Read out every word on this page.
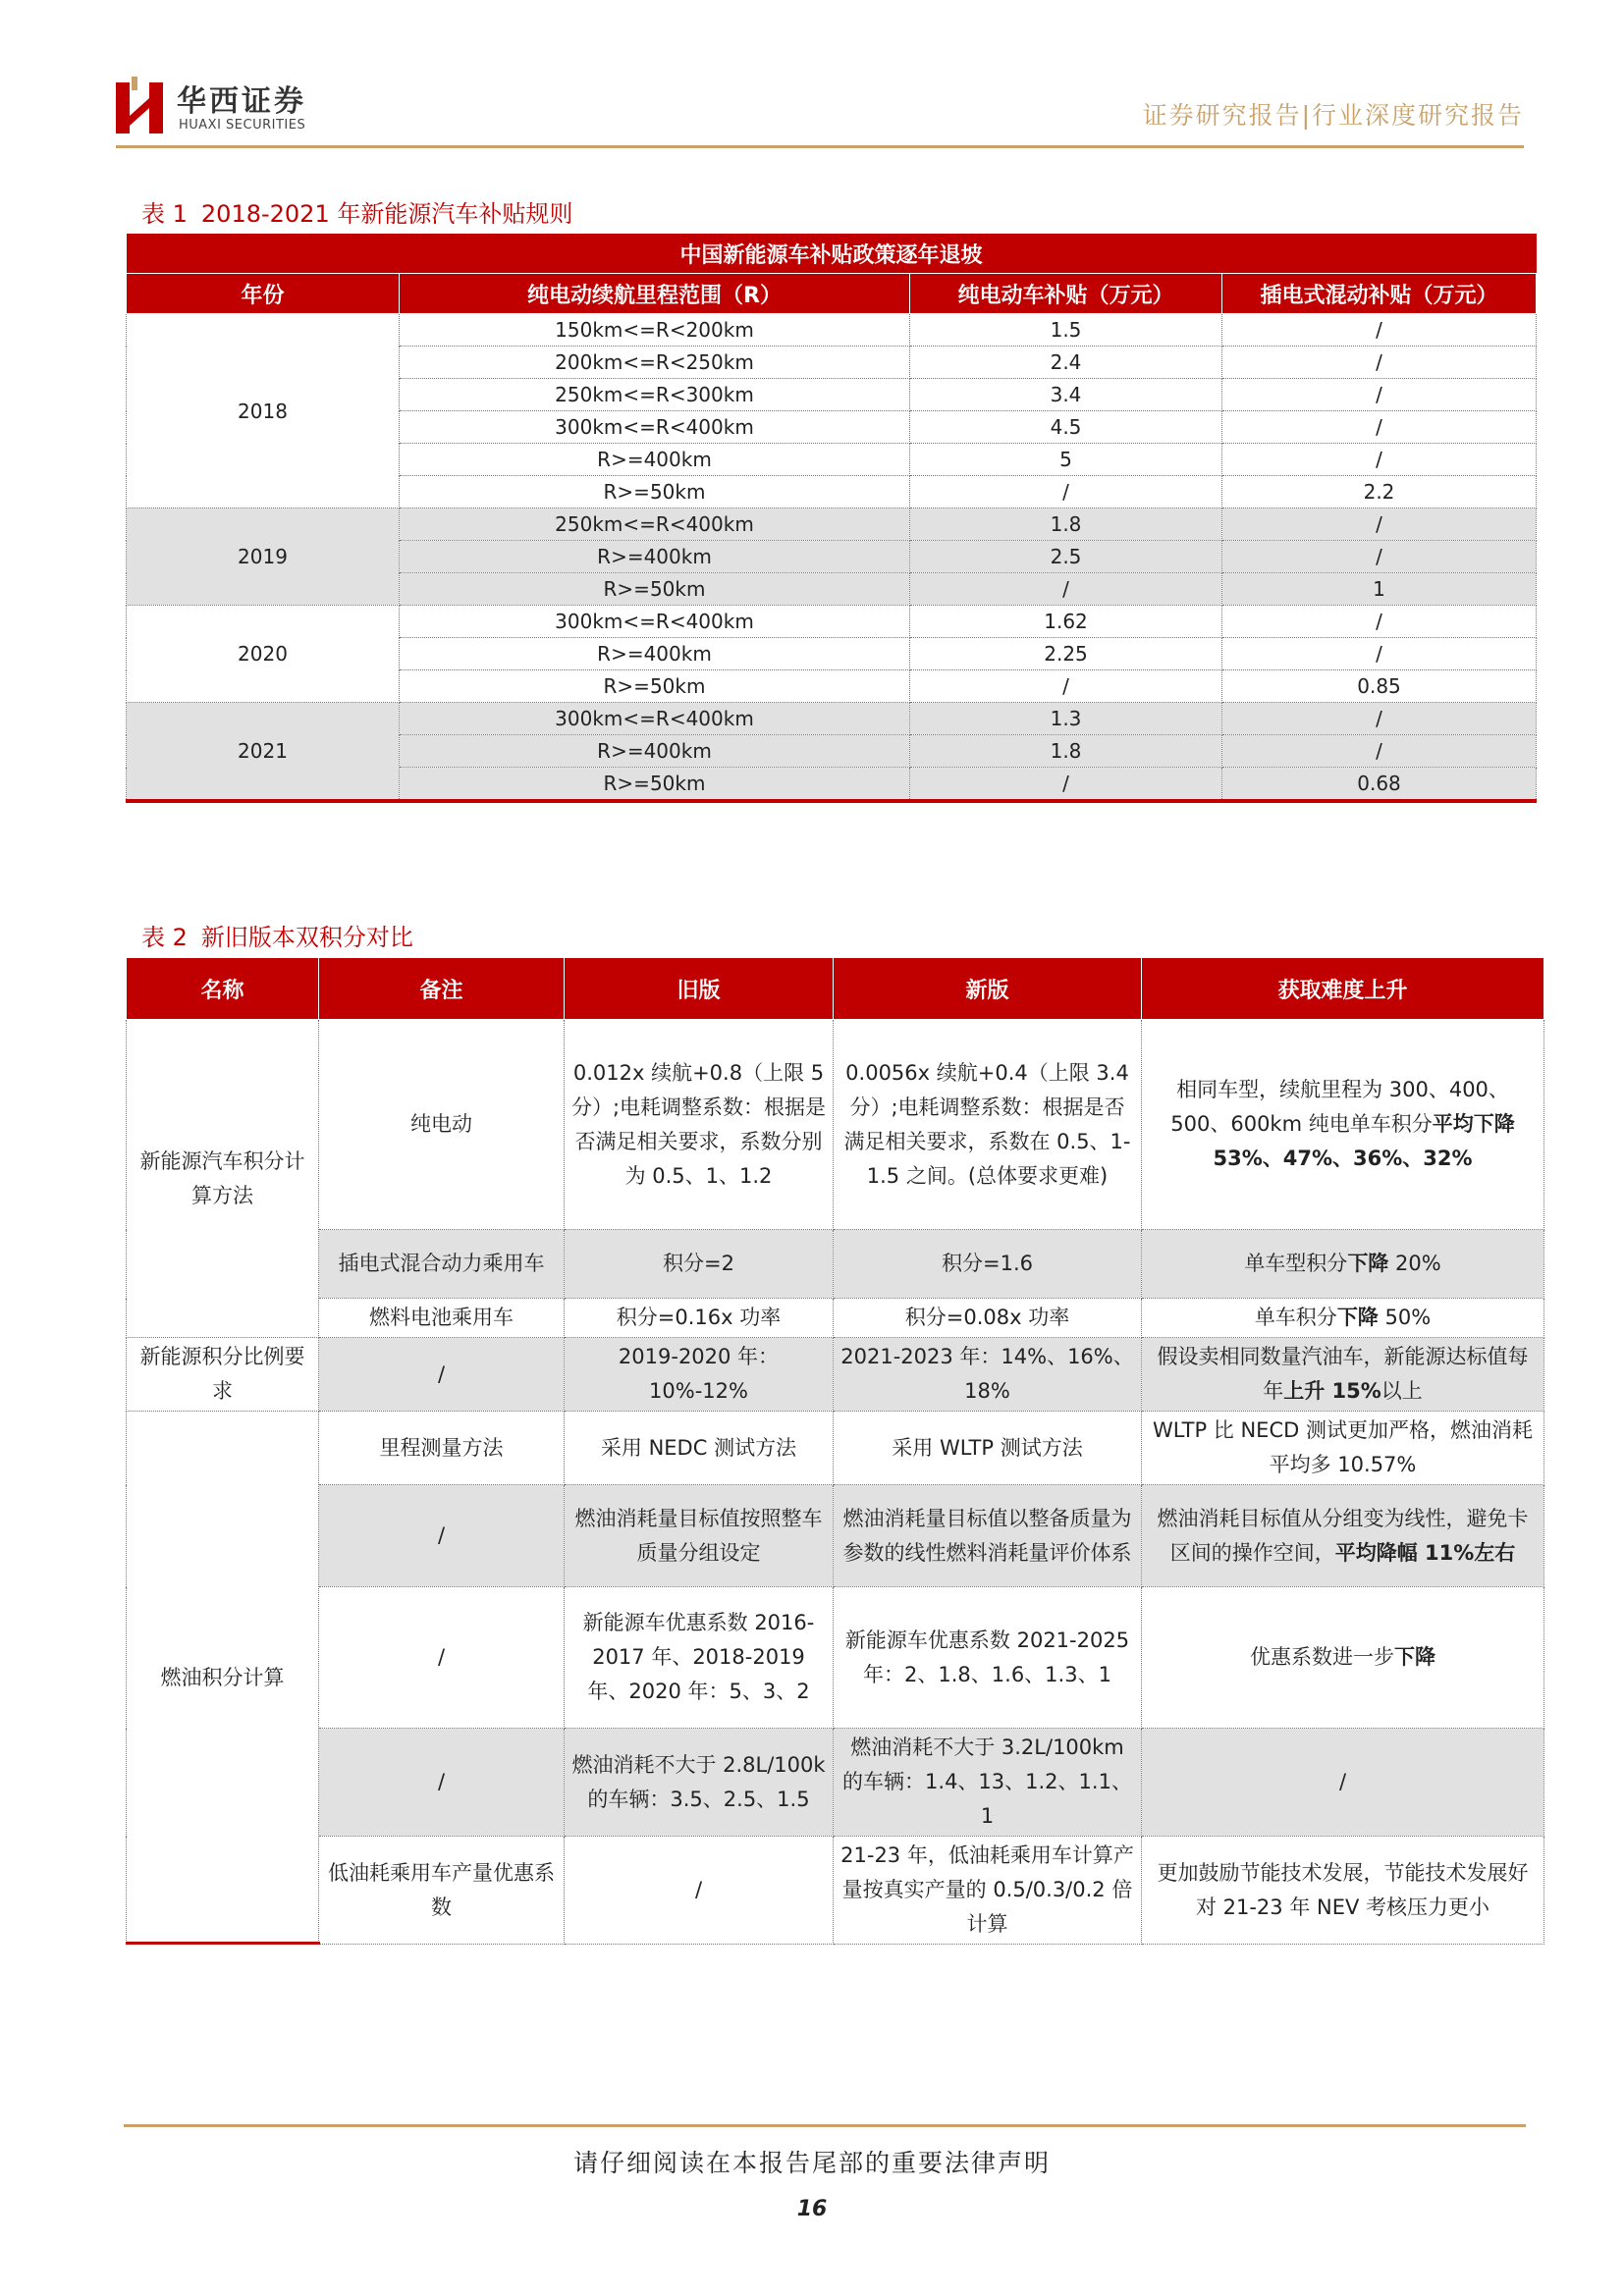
华西证券
HUAXI SECURITIES	证券研究报告|行业深度研究报告
表 1 2018-2021 年新能源汽车补贴规则
中国新能源车补贴政策逐年退坡			
年份	纯电动续航里程范围（R）	纯电动车补贴（万元）	插电式混动补贴（万元）
2018	150km<=R<200km	1.5	/
	200km<=R<250km	2.4	/
	250km<=R<300km	3.4	/
	300km<=R<400km	4.5	/
	R>=400km	5	/
	R>=50km	/	2.2
2019	250km<=R<400km	1.8	/
	R>=400km	2.5	/
	R>=50km	/	1
2020	300km<=R<400km	1.62	/
	R>=400km	2.25	/
	R>=50km	/	0.85
2021	300km<=R<400km	1.3	/
	R>=400km	1.8	/
	R>=50km	/	0.68
表 2 新旧版本双积分对比
名称	备注	旧版	新版	获取难度上升
新能源汽车积分计算方法	纯电动	0.012x 续航+0.8（上限 5 分）;电耗调整系数：根据是否满足相关要求，系数分别为 0.5、1、1.2	0.0056x 续航+0.4（上限 3.4 分）;电耗调整系数：根据是否满足相关要求，系数在 0.5、1-1.5 之间。(总体要求更难)	相同车型，续航里程为 300、400、500、600km 纯电单车积分平均下降 53%、47%、36%、32%
	插电式混合动力乘用车	积分=2	积分=1.6	单车型积分下降 20%
	燃料电池乘用车	积分=0.16x 功率	积分=0.08x 功率	单车积分下降 50%
新能源积分比例要求	/	2019-2020 年：10%-12%	2021-2023 年：14%、16%、18%	假设卖相同数量汽油车，新能源达标值每年上升 15%以上
燃油积分计算	里程测量方法	采用 NEDC 测试方法	采用 WLTP 测试方法	WLTP 比 NECD 测试更加严格，燃油消耗平均多 10.57%
	/	燃油消耗量目标值按照整车质量分组设定	燃油消耗量目标值以整备质量为参数的线性燃料消耗量评价体系	燃油消耗目标值从分组变为线性，避免卡区间的操作空间，平均降幅 11%左右
	/	新能源车优惠系数 2016-2017 年、2018-2019 年、2020 年：5、3、2	新能源车优惠系数 2021-2025 年：2、1.8、1.6、1.3、1	优惠系数进一步下降
	/	燃油消耗不大于 2.8L/100k 的车辆：3.5、2.5、1.5	燃油消耗不大于 3.2L/100km 的车辆：1.4、13、1.2、1.1、1	/
	低油耗乘用车产量优惠系数	/	21-23 年，低油耗乘用车计算产量按真实产量的 0.5/0.3/0.2 倍计算	更加鼓励节能技术发展，节能技术发展好对 21-23 年 NEV 考核压力更小
请仔细阅读在本报告尾部的重要法律声明
16
